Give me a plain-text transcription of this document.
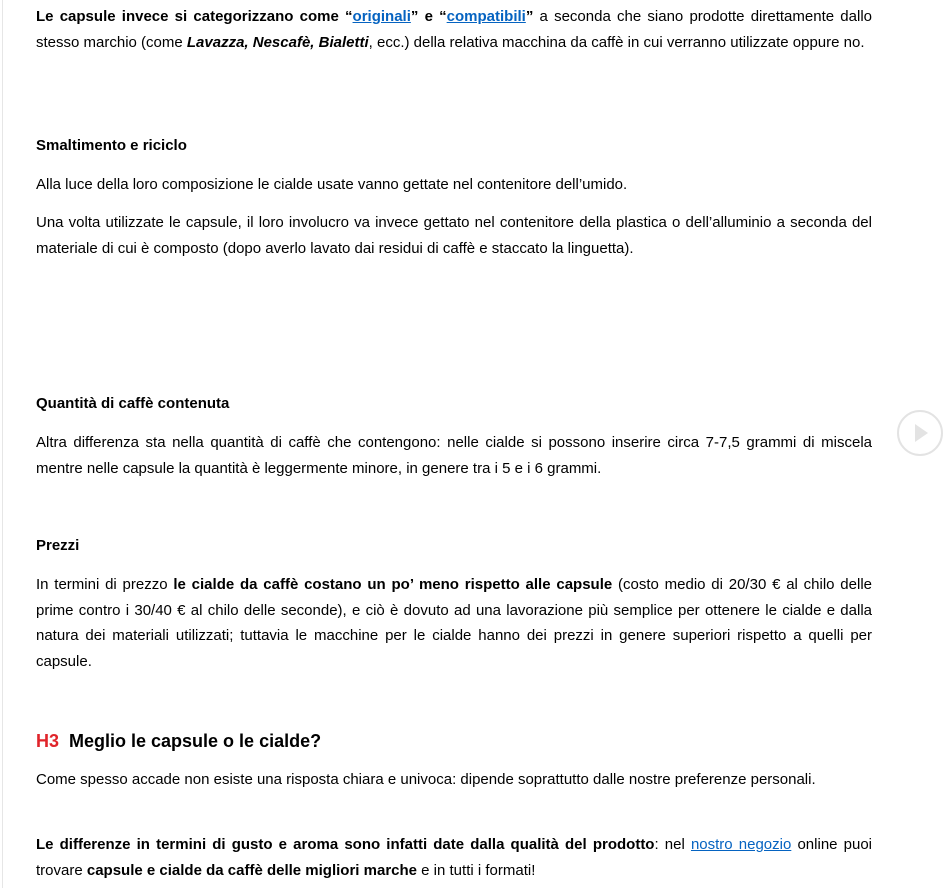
Le capsule invece si categorizzano come “originali” e “compatibili” a seconda che siano prodotte direttamente dallo stesso marchio (come Lavazza, Nescafè, Bialetti, ecc.) della relativa macchina da caffè in cui verranno utilizzate oppure no.

Smaltimento e riciclo

Alla luce della loro composizione le cialde usate vanno gettate nel contenitore dell’umido.

Una volta utilizzate le capsule, il loro involucro va invece gettato nel contenitore della plastica o dell’alluminio a seconda del materiale di cui è composto (dopo averlo lavato dai residui di caffè e staccato la linguetta).

Quantità di caffè contenuta

Altra differenza sta nella quantità di caffè che contengono: nelle cialde si possono inserire circa 7-7,5 grammi di miscela mentre nelle capsule la quantità è leggermente minore, in genere tra i 5 e i 6 grammi.

Prezzi

In termini di prezzo le cialde da caffè costano un po’ meno rispetto alle capsule (costo medio di 20/30 € al chilo delle prime contro i 30/40 € al chilo delle seconde), e ciò è dovuto ad una lavorazione più semplice per ottenere le cialde e dalla natura dei materiali utilizzati; tuttavia le macchine per le cialde hanno dei prezzi in genere superiori rispetto a quelli per capsule.

H3 Meglio le capsule o le cialde?

Come spesso accade non esiste una risposta chiara e univoca: dipende soprattutto dalle nostre preferenze personali.

Le differenze in termini di gusto e aroma sono infatti date dalla qualità del prodotto: nel nostro negozio online puoi trovare capsule e cialde da caffè delle migliori marche e in tutti i formati!
